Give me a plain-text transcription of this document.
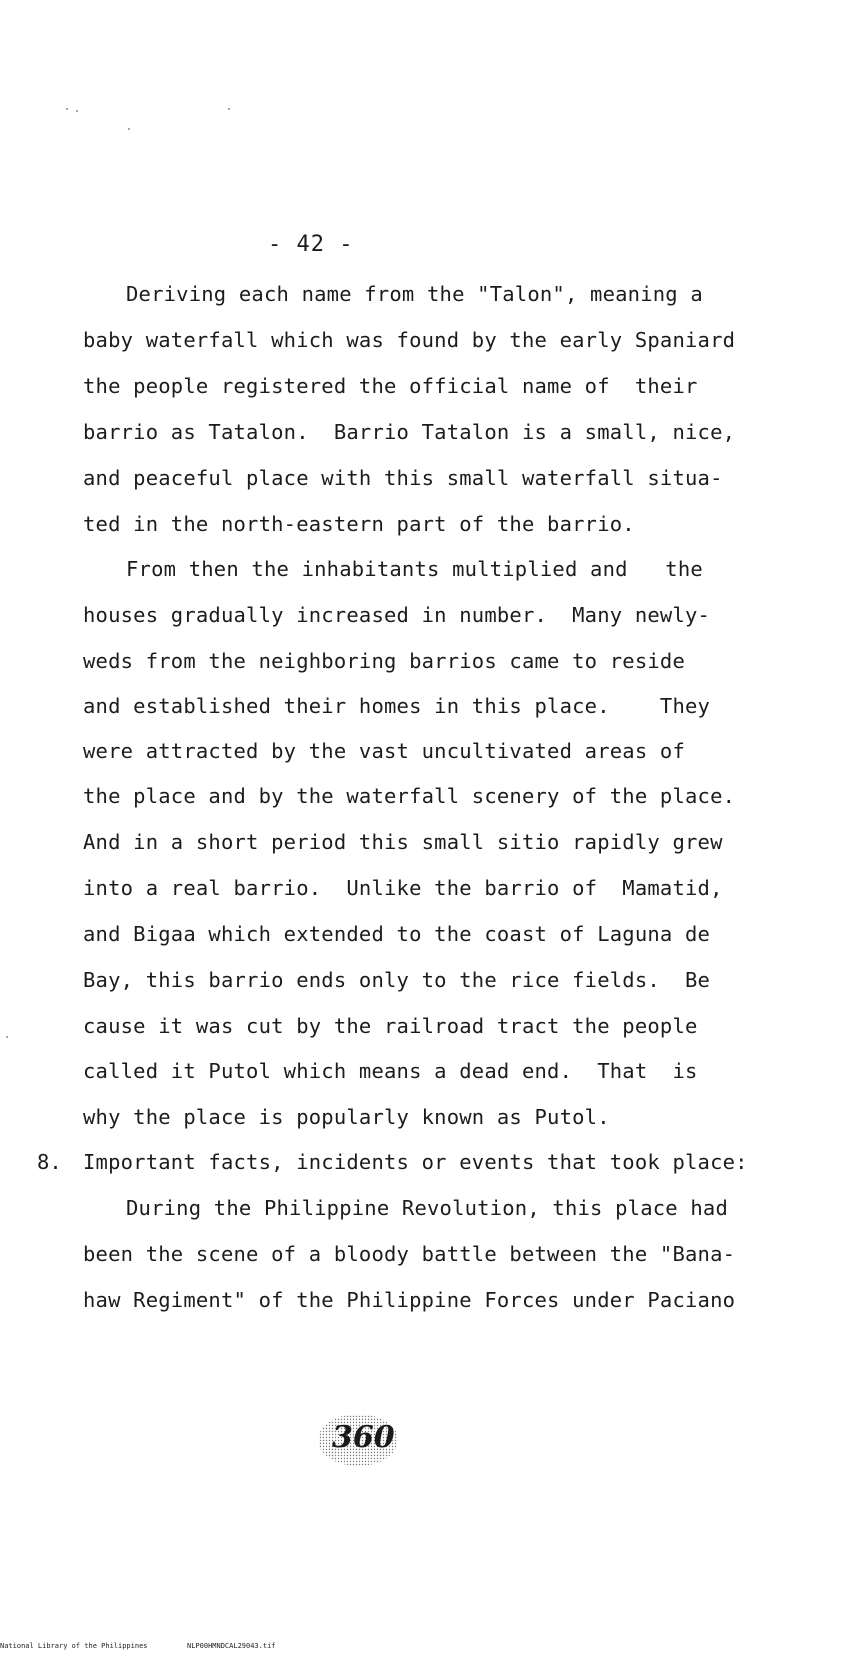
- 42 -
Deriving each name from the "Talon", meaning a
baby waterfall which was found by the early Spaniard
the people registered the official name of  their
barrio as Tatalon.  Barrio Tatalon is a small, nice,
and peaceful place with this small waterfall situa-
ted in the north-eastern part of the barrio.
From then the inhabitants multiplied and   the
houses gradually increased in number.  Many newly-
weds from the neighboring barrios came to reside
and established their homes in this place.    They
were attracted by the vast uncultivated areas of
the place and by the waterfall scenery of the place.
And in a short period this small sitio rapidly grew
into a real barrio.  Unlike the barrio of  Mamatid,
and Bigaa which extended to the coast of Laguna de
Bay, this barrio ends only to the rice fields.  Be
cause it was cut by the railroad tract the people
called it Putol which means a dead end.  That  is
why the place is popularly known as Putol.
8. Important facts, incidents or events that took place:
During the Philippine Revolution, this place had
been the scene of a bloody battle between the "Bana-
haw Regiment" of the Philippine Forces under Paciano
360
National Library of the Philippines	NLP00HMNDCAL29043.tif
